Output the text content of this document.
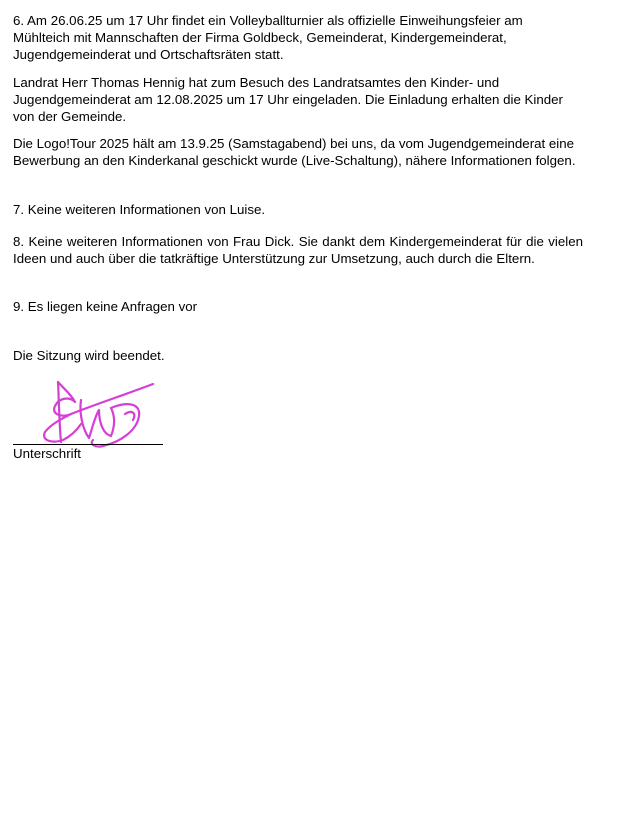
6. Am 26.06.25 um 17 Uhr findet ein Volleyballturnier als offizielle Einweihungsfeier am Mühlteich mit Mannschaften der Firma Goldbeck, Gemeinderat, Kindergemeinderat, Jugendgemeinderat und Ortschaftsräten statt.

Landrat Herr Thomas Hennig hat zum Besuch des Landratsamtes den Kinder- und Jugendgemeinderat am 12.08.2025 um 17 Uhr eingeladen. Die Einladung erhalten die Kinder von der Gemeinde.

Die Logo!Tour 2025 hält am 13.9.25 (Samstagabend) bei uns, da vom Jugendgemeinderat eine Bewerbung an den Kinderkanal geschickt wurde (Live-Schaltung), nähere Informationen folgen.

7. Keine weiteren Informationen von Luise.

8. Keine weiteren Informationen von Frau Dick. Sie dankt dem Kindergemeinderat für die vielen Ideen und auch über die tatkräftige Unterstützung zur Umsetzung, auch durch die Eltern.

9. Es liegen keine Anfragen vor

Die Sitzung wird beendet.

Unterschrift
